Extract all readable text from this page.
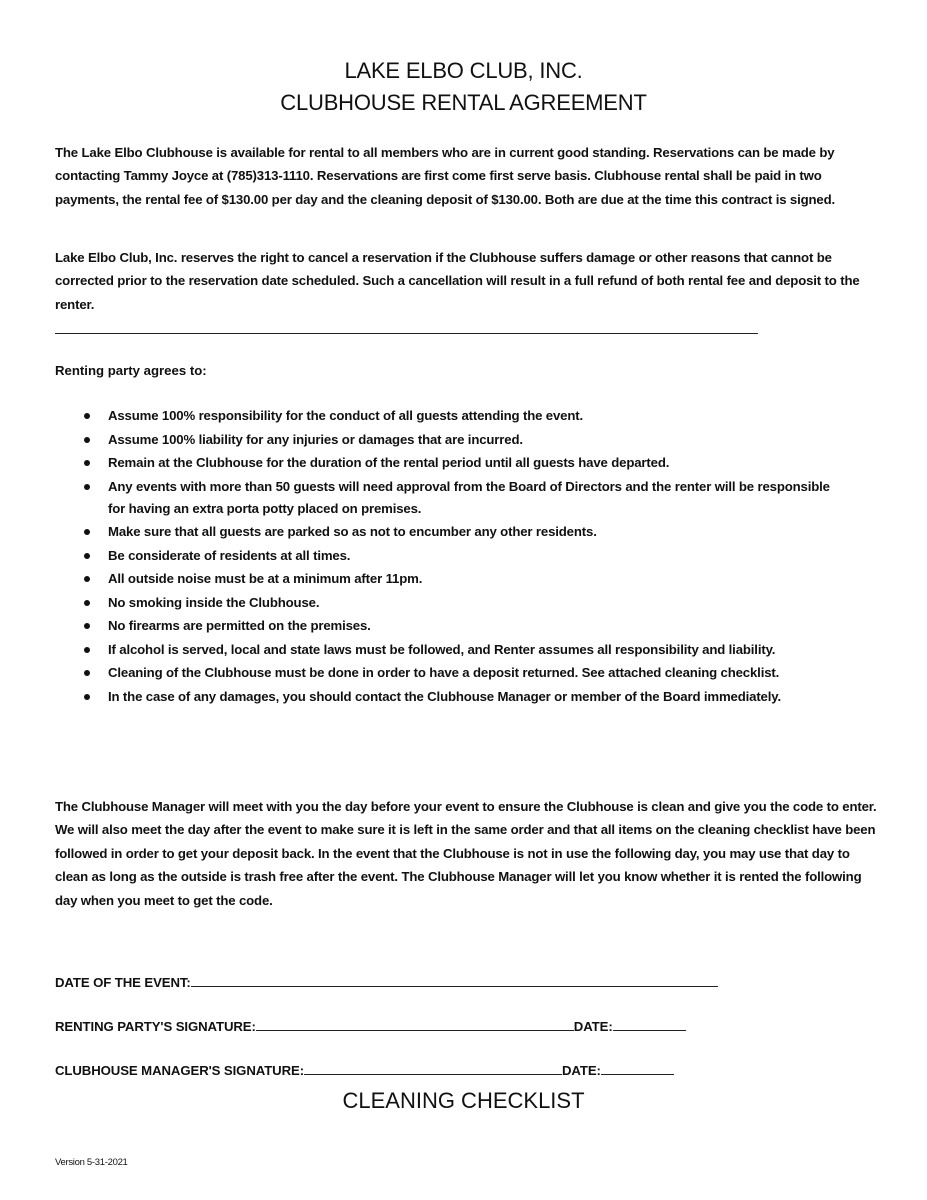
LAKE ELBO CLUB, INC.
CLUBHOUSE RENTAL AGREEMENT
The Lake Elbo Clubhouse is available for rental to all members who are in current good standing. Reservations can be made by contacting Tammy Joyce at (785)313-1110. Reservations are first come first serve basis. Clubhouse rental shall be paid in two payments, the rental fee of $130.00 per day and the cleaning deposit of $130.00. Both are due at the time this contract is signed.
Lake Elbo Club, Inc. reserves the right to cancel a reservation if the Clubhouse suffers damage or other reasons that cannot be corrected prior to the reservation date scheduled. Such a cancellation will result in a full refund of both rental fee and deposit to the renter.
Renting party agrees to:
Assume 100% responsibility for the conduct of all guests attending the event.
Assume 100% liability for any injuries or damages that are incurred.
Remain at the Clubhouse for the duration of the rental period until all guests have departed.
Any events with more than 50 guests will need approval from the Board of Directors and the renter will be responsible for having an extra porta potty placed on premises.
Make sure that all guests are parked so as not to encumber any other residents.
Be considerate of residents at all times.
All outside noise must be at a minimum after 11pm.
No smoking inside the Clubhouse.
No firearms are permitted on the premises.
If alcohol is served, local and state laws must be followed, and Renter assumes all responsibility and liability.
Cleaning of the Clubhouse must be done in order to have a deposit returned. See attached cleaning checklist.
In the case of any damages, you should contact the Clubhouse Manager or member of the Board immediately.
The Clubhouse Manager will meet with you the day before your event to ensure the Clubhouse is clean and give you the code to enter. We will also meet the day after the event to make sure it is left in the same order and that all items on the cleaning checklist have been followed in order to get your deposit back. In the event that the Clubhouse is not in use the following day, you may use that day to clean as long as the outside is trash free after the event. The Clubhouse Manager will let you know whether it is rented the following day when you meet to get the code.
DATE OF THE EVENT:
RENTING PARTY'S SIGNATURE:	DATE:
CLUBHOUSE MANAGER'S SIGNATURE:	DATE:
CLEANING CHECKLIST
Version 5-31-2021
